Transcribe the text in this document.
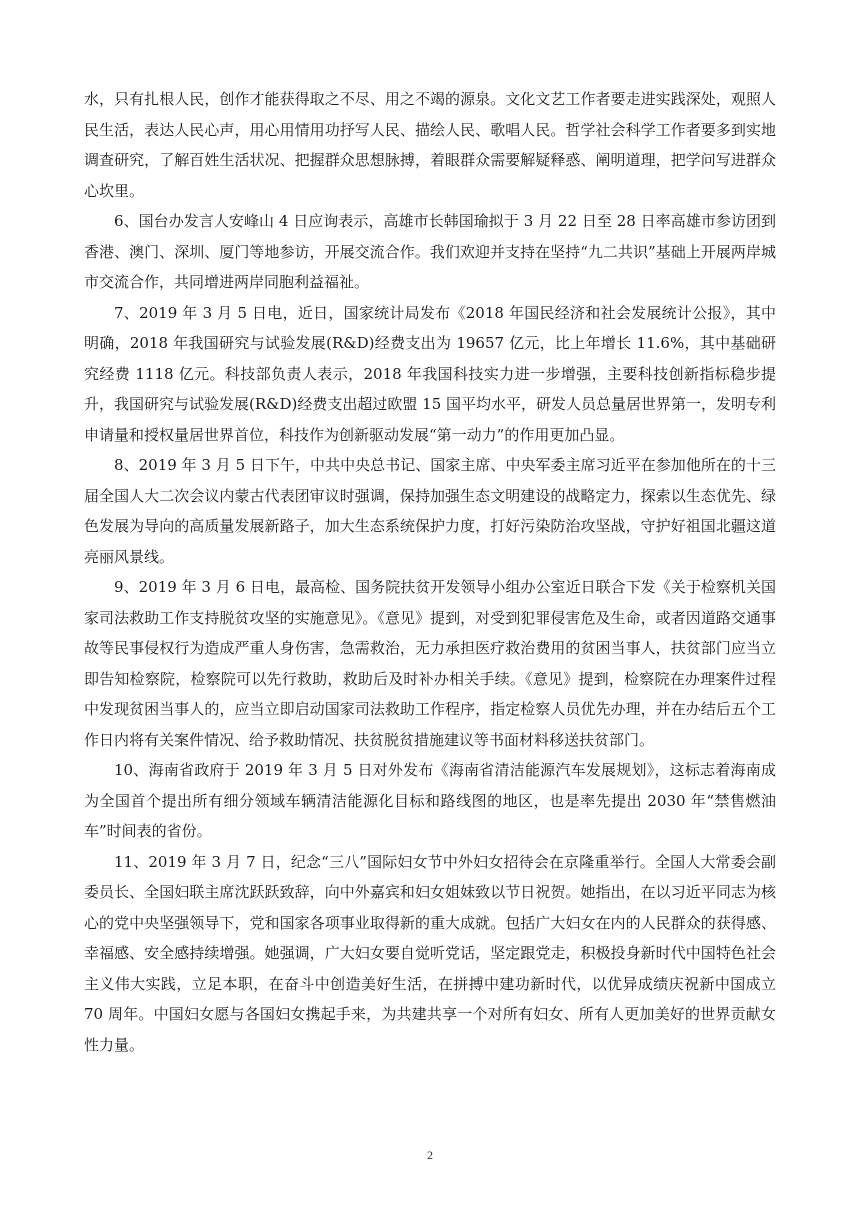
水，只有扎根人民，创作才能获得取之不尽、用之不竭的源泉。文化文艺工作者要走进实践深处，观照人民生活，表达人民心声，用心用情用功抒写人民、描绘人民、歌唱人民。哲学社会科学工作者要多到实地调查研究，了解百姓生活状况、把握群众思想脉搏，着眼群众需要解疑释惑、阐明道理，把学问写进群众心坎里。

6、国台办发言人安峰山 4 日应询表示，高雄市长韩国瑜拟于 3 月 22 日至 28 日率高雄市参访团到香港、澳门、深圳、厦门等地参访，开展交流合作。我们欢迎并支持在坚持“九二共识”基础上开展两岸城市交流合作，共同增进两岸同胞利益福祉。

7、2019 年 3 月 5 日电，近日，国家统计局发布《2018 年国民经济和社会发展统计公报》，其中明确，2018 年我国研究与试验发展(R&D)经费支出为 19657 亿元，比上年增长 11.6%，其中基础研究经费 1118 亿元。科技部负责人表示，2018 年我国科技实力进一步增强，主要科技创新指标稳步提升，我国研究与试验发展(R&D)经费支出超过欧盟 15 国平均水平，研发人员总量居世界第一，发明专利申请量和授权量居世界首位，科技作为创新驱动发展“第一动力”的作用更加凸显。

8、2019 年 3 月 5 日下午，中共中央总书记、国家主席、中央军委主席习近平在参加他所在的十三届全国人大二次会议内蒙古代表团审议时强调，保持加强生态文明建设的战略定力，探索以生态优先、绿色发展为导向的高质量发展新路子，加大生态系统保护力度，打好污染防治攻坚战，守护好祖国北疆这道亮丽风景线。

9、2019 年 3 月 6 日电，最高检、国务院扶贫开发领导小组办公室近日联合下发《关于检察机关国家司法救助工作支持脱贫攻坚的实施意见》。《意见》提到，对受到犯罪侵害危及生命，或者因道路交通事故等民事侵权行为造成严重人身伤害，急需救治，无力承担医疗救治费用的贫困当事人，扶贫部门应当立即告知检察院，检察院可以先行救助，救助后及时补办相关手续。《意见》提到，检察院在办理案件过程中发现贫困当事人的，应当立即启动国家司法救助工作程序，指定检察人员优先办理，并在办结后五个工作日内将有关案件情况、给予救助情况、扶贫脱贫措施建议等书面材料移送扶贫部门。

10、海南省政府于 2019 年 3 月 5 日对外发布《海南省清洁能源汽车发展规划》，这标志着海南成为全国首个提出所有细分领域车辆清洁能源化目标和路线图的地区，也是率先提出 2030 年“禁售燃油车”时间表的省份。

11、2019 年 3 月 7 日，纪念“三八”国际妇女节中外妇女招待会在京隆重举行。全国人大常委会副委员长、全国妇联主席沈跃跃致辞，向中外嘉宾和妇女姐妹致以节日祝贺。她指出，在以习近平同志为核心的党中央坚强领导下，党和国家各项事业取得新的重大成就。包括广大妇女在内的人民群众的获得感、幸福感、安全感持续增强。她强调，广大妇女要自觉听党话，坚定跟党走，积极投身新时代中国特色社会主义伟大实践，立足本职，在奋斗中创造美好生活，在拼搏中建功新时代，以优异成绩庆祝新中国成立 70 周年。中国妇女愿与各国妇女携起手来，为共建共享一个对所有妇女、所有人更加美好的世界贡献女性力量。

2
